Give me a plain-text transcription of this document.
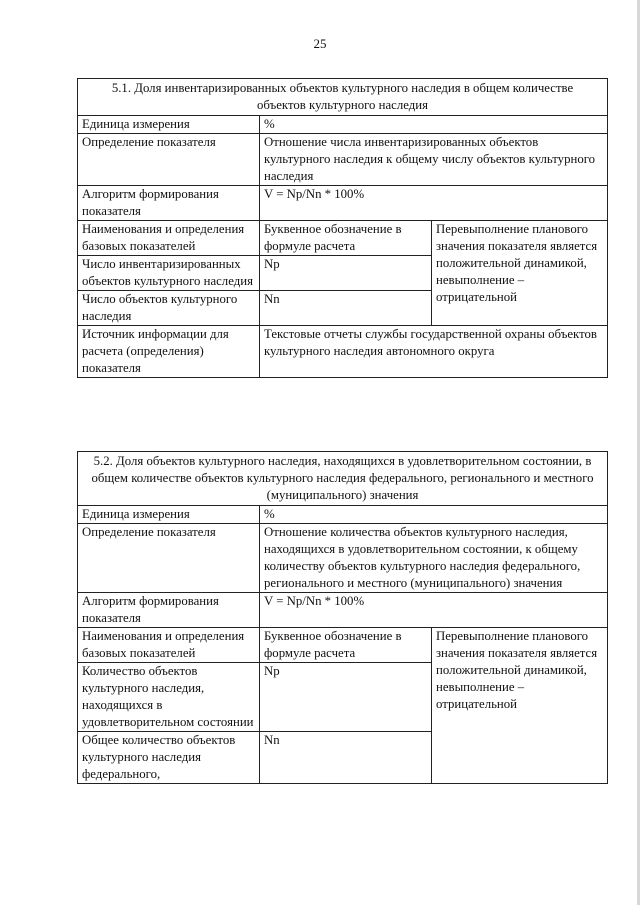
25
5.1. Доля инвентаризированных объектов культурного наследия в общем количестве объектов культурного наследия		
Единица измерения	%	
Определение показателя	Отношение числа инвентаризированных объектов культурного наследия к общему числу объектов культурного наследия	
Алгоритм формирования показателя	V = Np/Nn * 100%	
Наименования и определения базовых показателей	Буквенное обозначение в формуле расчета	Перевыполнение планового значения показателя является положительной динамикой, невыполнение – отрицательной
Число инвентаризированных объектов культурного наследия	Np	
Число объектов культурного наследия	Nn	
Источник информации для расчета (определения) показателя	Текстовые отчеты службы государственной охраны объектов культурного наследия автономного округа	
5.2. Доля объектов культурного наследия, находящихся в удовлетворительном состоянии, в общем количестве объектов культурного наследия федерального, регионального и местного (муниципального) значения		
Единица измерения	%	
Определение показателя	Отношение количества объектов культурного наследия, находящихся в удовлетворительном состоянии, к общему количеству объектов культурного наследия федерального, регионального и местного (муниципального) значения	
Алгоритм формирования показателя	V = Np/Nn * 100%	
Наименования и определения базовых показателей	Буквенное обозначение в формуле расчета	Перевыполнение планового значения показателя является положительной динамикой, невыполнение – отрицательной
Количество объектов культурного наследия, находящихся в удовлетворительном состоянии	Np	
Общее количество объектов культурного наследия федерального,	Nn	
